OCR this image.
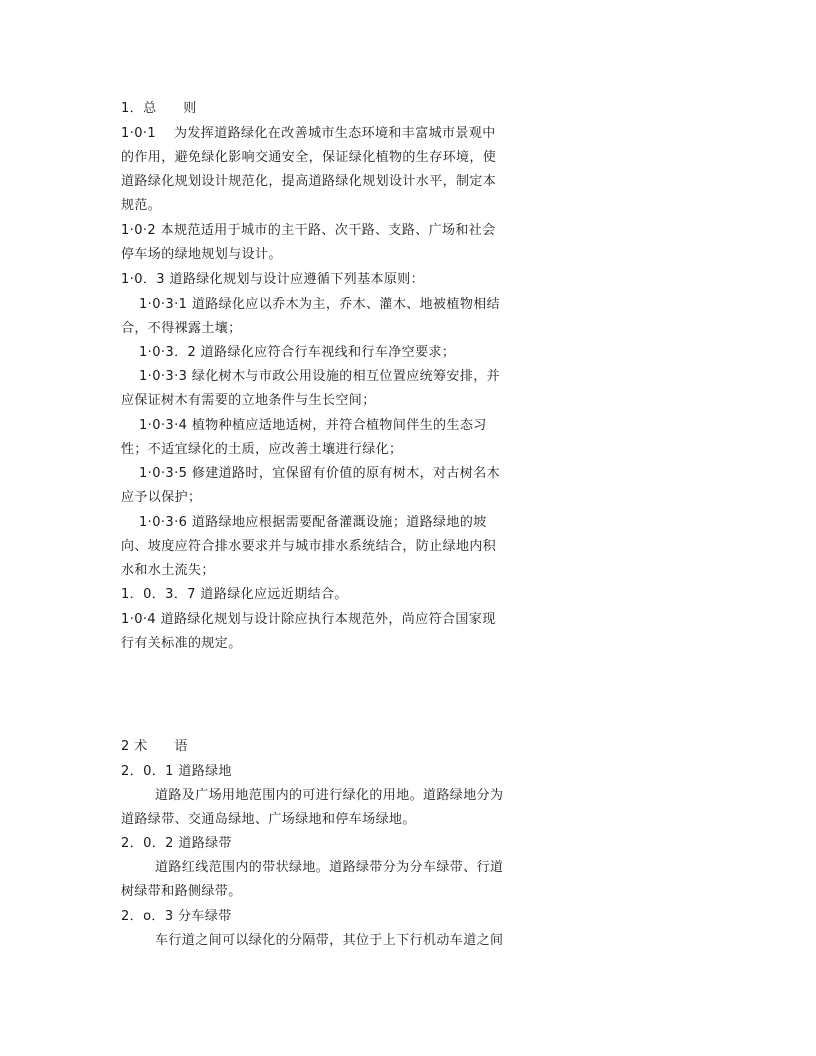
1．总　　则
1·0·1　 为发挥道路绿化在改善城市生态环境和丰富城市景观中
的作用，避免绿化影响交通安全，保证绿化植物的生存环境，使
道路绿化规划设计规范化，提高道路绿化规划设计水平，制定本
规范。
1·0·2 本规范适用于城市的主干路、次干路、支路、广场和社会
停车场的绿地规划与设计。
1·0．3 道路绿化规划与设计应遵循下列基本原则：
1·0·3·1 道路绿化应以乔木为主，乔木、灌木、地被植物相结
合，不得裸露土壤；
1·0·3．2 道路绿化应符合行车视线和行车净空要求；
1·0·3·3 绿化树木与市政公用设施的相互位置应统筹安排，并
应保证树木有需要的立地条件与生长空间；
1·0·3·4 植物种植应适地适树，并符合植物间伴生的生态习
性；不适宜绿化的土质，应改善土壤进行绿化；
1·0·3·5 修建道路时，宜保留有价值的原有树木，对古树名木
应予以保护；
1·0·3·6 道路绿地应根据需要配备灌溉设施；道路绿地的坡
向、坡度应符合排水要求并与城市排水系统结合，防止绿地内积
水和水土流失；
1．0．3．7 道路绿化应远近期结合。
1·0·4 道路绿化规划与设计除应执行本规范外，尚应符合国家现
行有关标准的规定。
2 术　　语
2．0．1 道路绿地
道路及广场用地范围内的可进行绿化的用地。道路绿地分为
道路绿带、交通岛绿地、广场绿地和停车场绿地。
2．0．2 道路绿带
道路红线范围内的带状绿地。道路绿带分为分车绿带、行道
树绿带和路侧绿带。
2．o．3 分车绿带
车行道之间可以绿化的分隔带，其位于上下行机动车道之间
